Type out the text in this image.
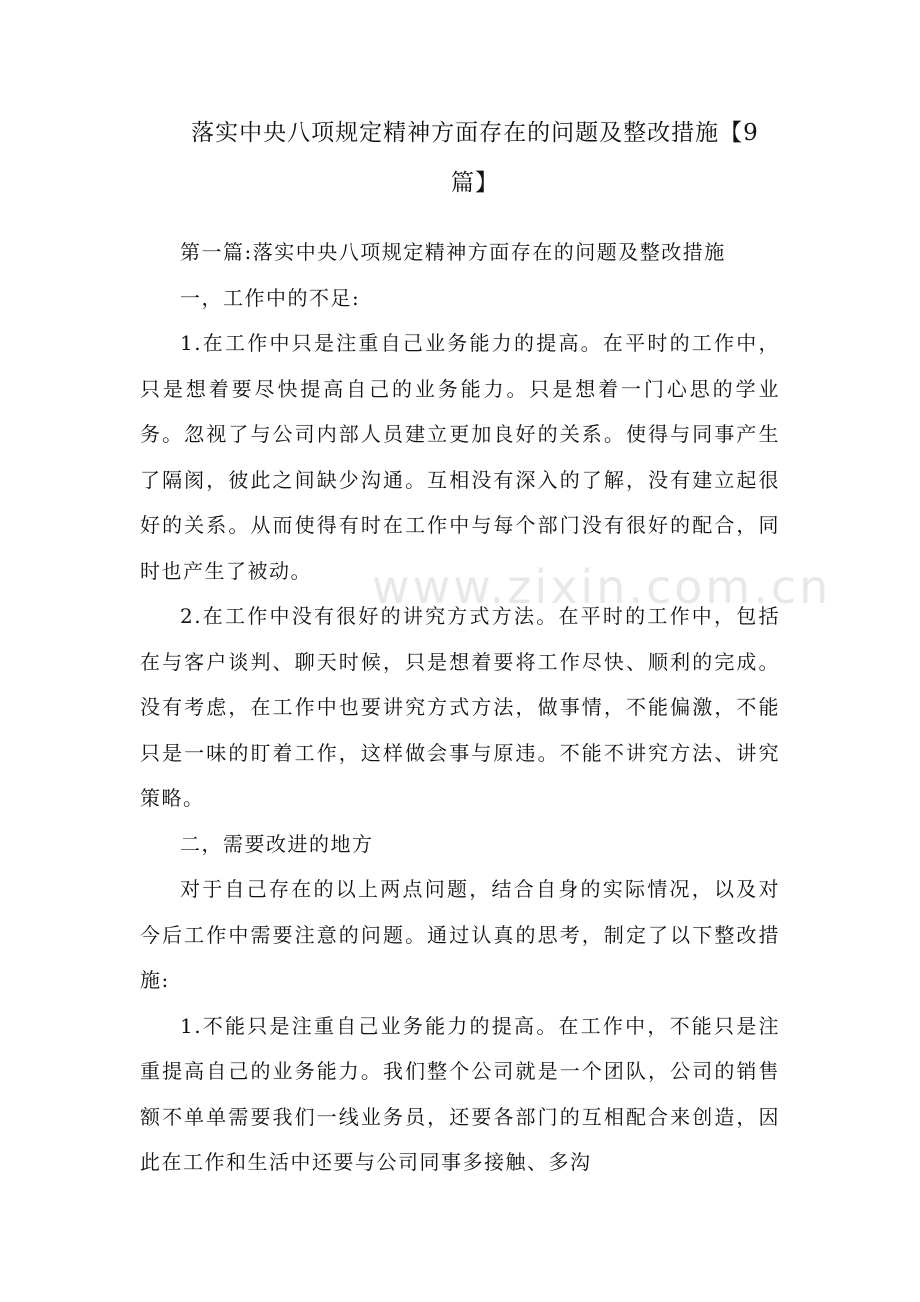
落实中央八项规定精神方面存在的问题及整改措施【9
篇】

第一篇:落实中央八项规定精神方面存在的问题及整改措施

一，工作中的不足:

1.在工作中只是注重自己业务能力的提高。在平时的工作中，只是想着要尽快提高自己的业务能力。只是想着一门心思的学业务。忽视了与公司内部人员建立更加良好的关系。使得与同事产生了隔阂，彼此之间缺少沟通。互相没有深入的了解，没有建立起很好的关系。从而使得有时在工作中与每个部门没有很好的配合，同时也产生了被动。

2.在工作中没有很好的讲究方式方法。在平时的工作中，包括在与客户谈判、聊天时候，只是想着要将工作尽快、顺利的完成。没有考虑，在工作中也要讲究方式方法，做事情，不能偏激，不能只是一味的盯着工作，这样做会事与原违。不能不讲究方法、讲究策略。

二，需要改进的地方

对于自己存在的以上两点问题，结合自身的实际情况，以及对今后工作中需要注意的问题。通过认真的思考，制定了以下整改措施:

1.不能只是注重自己业务能力的提高。在工作中，不能只是注重提高自己的业务能力。我们整个公司就是一个团队，公司的销售额不单单需要我们一线业务员，还要各部门的互相配合来创造，因此在工作和生活中还要与公司同事多接触、多沟

www.zixin.com.cn
